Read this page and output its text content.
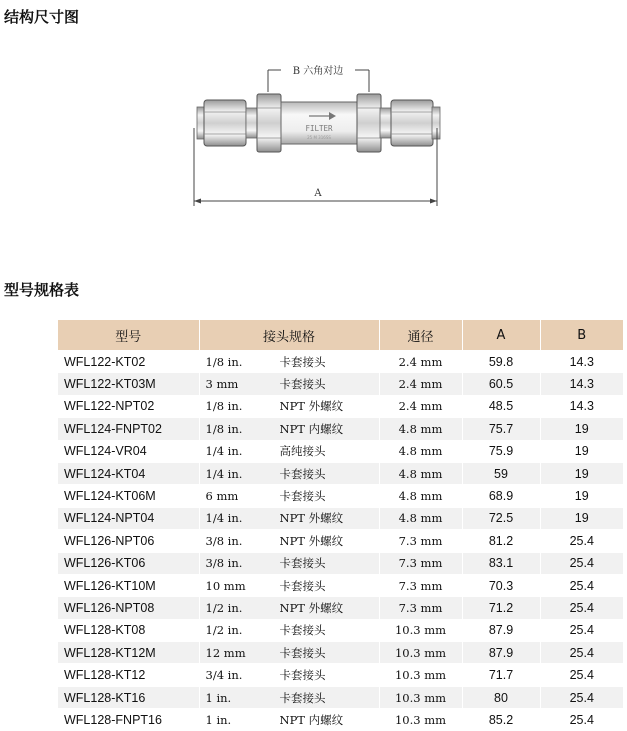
结构尺寸图
B 六角对边
FILTER
25 M 316SS
A
型号规格表
型号	接头规格	通径	A	B
WFL122-KT02	1/8 in. 卡套接头	2.4 mm	59.8	14.3
WFL122-KT03M	3 mm 卡套接头	2.4 mm	60.5	14.3
WFL122-NPT02	1/8 in. NPT 外螺纹	2.4 mm	48.5	14.3
WFL124-FNPT02	1/8 in. NPT 内螺纹	4.8 mm	75.7	19
WFL124-VR04	1/4 in. 高纯接头	4.8 mm	75.9	19
WFL124-KT04	1/4 in. 卡套接头	4.8 mm	59	19
WFL124-KT06M	6 mm 卡套接头	4.8 mm	68.9	19
WFL124-NPT04	1/4 in. NPT 外螺纹	4.8 mm	72.5	19
WFL126-NPT06	3/8 in. NPT 外螺纹	7.3 mm	81.2	25.4
WFL126-KT06	3/8 in. 卡套接头	7.3 mm	83.1	25.4
WFL126-KT10M	10 mm 卡套接头	7.3 mm	70.3	25.4
WFL126-NPT08	1/2 in. NPT 外螺纹	7.3 mm	71.2	25.4
WFL128-KT08	1/2 in. 卡套接头	10.3 mm	87.9	25.4
WFL128-KT12M	12 mm 卡套接头	10.3 mm	87.9	25.4
WFL128-KT12	3/4 in. 卡套接头	10.3 mm	71.7	25.4
WFL128-KT16	1 in. 卡套接头	10.3 mm	80	25.4
WFL128-FNPT16	1 in. NPT 内螺纹	10.3 mm	85.2	25.4
